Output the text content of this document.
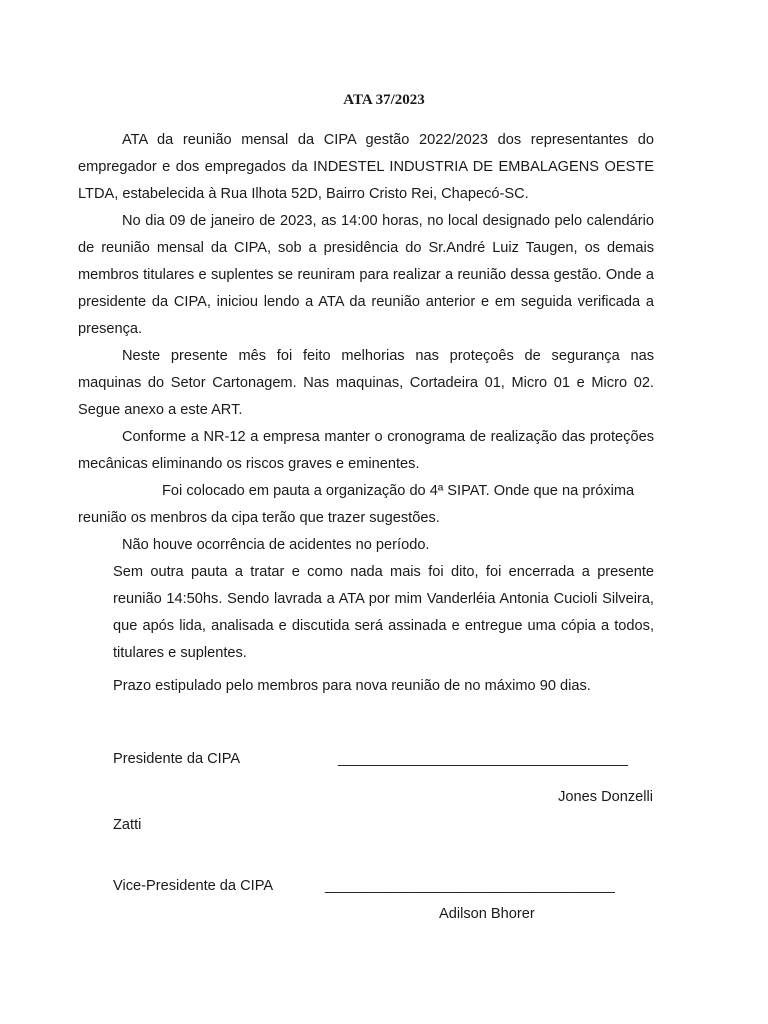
ATA 37/2023

ATA da reunião mensal da CIPA gestão 2022/2023 dos representantes do empregador e dos empregados da INDESTEL INDUSTRIA DE EMBALAGENS OESTE LTDA, estabelecida à Rua Ilhota 52D, Bairro Cristo Rei, Chapecó-SC.

No dia 09 de janeiro de 2023, as 14:00 horas, no local designado pelo calendário de reunião mensal da CIPA, sob a presidência do Sr.André Luiz Taugen, os demais membros titulares e suplentes se reuniram para realizar a reunião dessa gestão. Onde a presidente da CIPA, iniciou lendo a ATA da reunião anterior e em seguida verificada a presença.

Neste presente mês foi feito melhorias nas proteçoês de segurança nas maquinas do Setor Cartonagem. Nas maquinas, Cortadeira 01, Micro 01 e Micro 02. Segue anexo a este ART.

Conforme a NR-12 a empresa manter o cronograma de realização das proteções mecânicas eliminando os riscos graves e eminentes.

Foi colocado em pauta a organização do 4ª SIPAT. Onde que na próxima reunião os menbros da cipa terão que trazer sugestões.

Não houve ocorrência de acidentes no período.

Sem outra pauta a tratar e como nada mais foi dito, foi encerrada a presente reunião 14:50hs. Sendo lavrada a ATA por mim Vanderléia Antonia Cucioli Silveira, que após lida, analisada e discutida será assinada e entregue uma cópia a todos, titulares e suplentes.

Prazo estipulado pelo membros para nova reunião de no máximo 90 dias.
Presidente da CIPA	______________________________________
Jones Donzelli
Zatti
Vice-Presidente da CIPA	______________________________________
Adilson Bhorer
